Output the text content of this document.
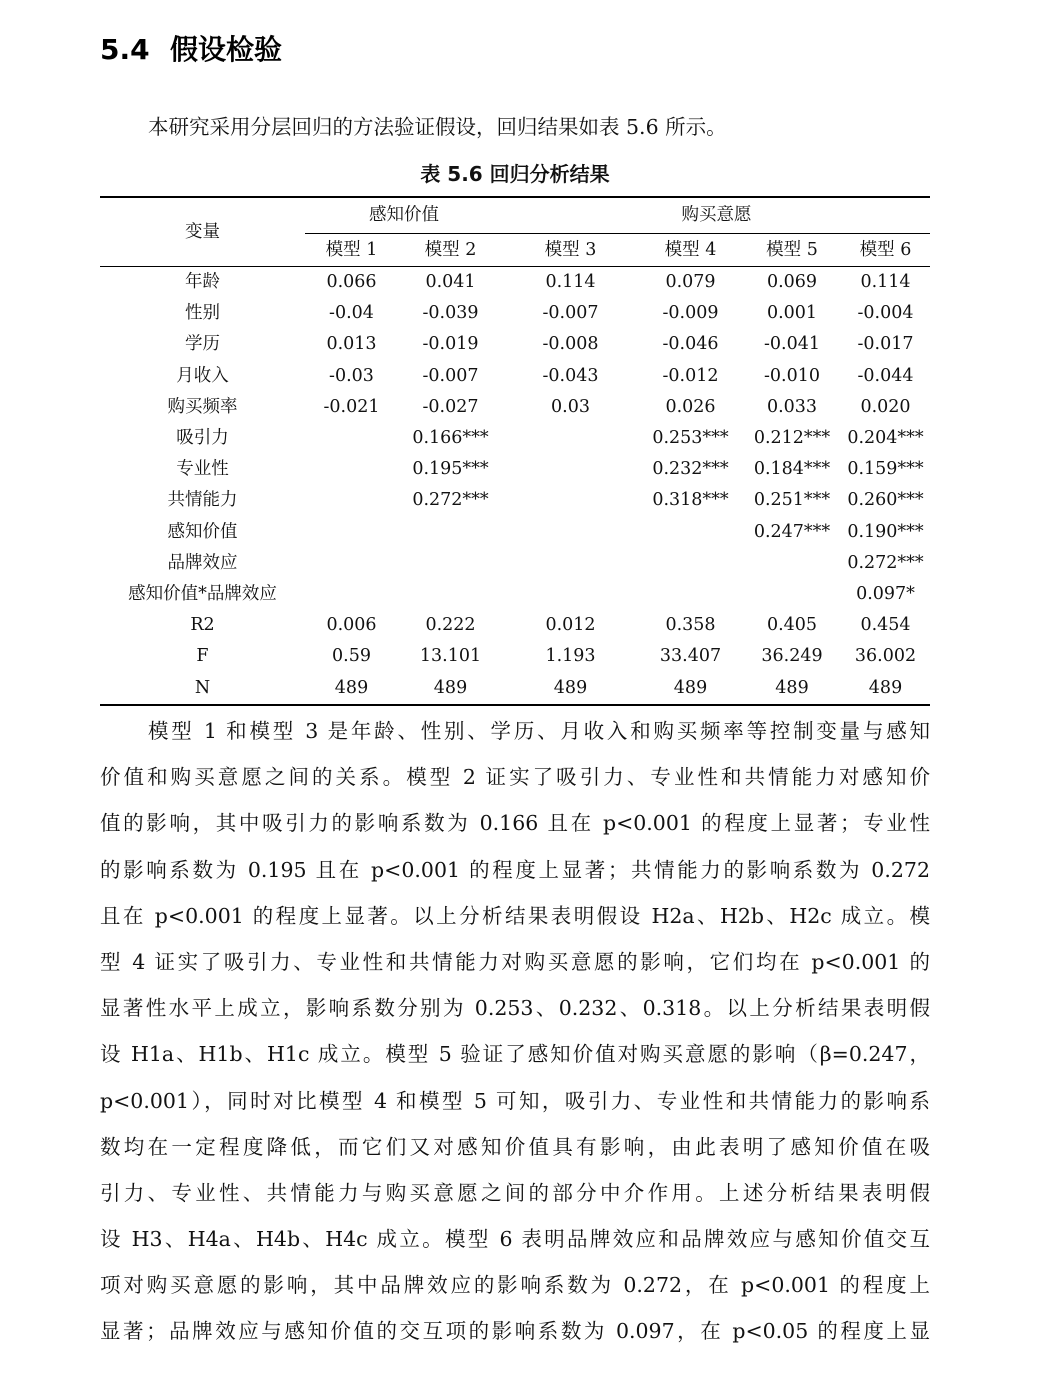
5.4 假设检验
本研究采用分层回归的方法验证假设，回归结果如表 5.6 所示。
表 5.6 回归分析结果
变量	感知价值		购买意愿			
	模型 1	模型 2	模型 3	模型 4	模型 5	模型 6
年龄	0.066	0.041	0.114	0.079	0.069	0.114
性别	-0.04	-0.039	-0.007	-0.009	0.001	-0.004
学历	0.013	-0.019	-0.008	-0.046	-0.041	-0.017
月收入	-0.03	-0.007	-0.043	-0.012	-0.010	-0.044
购买频率	-0.021	-0.027	0.03	0.026	0.033	0.020
吸引力		0.166***		0.253***	0.212***	0.204***
专业性		0.195***		0.232***	0.184***	0.159***
共情能力		0.272***		0.318***	0.251***	0.260***
感知价值					0.247***	0.190***
品牌效应						0.272***
感知价值*品牌效应						0.097*
R2	0.006	0.222	0.012	0.358	0.405	0.454
F	0.59	13.101	1.193	33.407	36.249	36.002
N	489	489	489	489	489	489
模型 1 和模型 3 是年龄、性别、学历、月收入和购买频率等控制变量与感知
价值和购买意愿之间的关系。模型 2 证实了吸引力、专业性和共情能力对感知价
值的影响，其中吸引力的影响系数为 0.166 且在 p<0.001 的程度上显著；专业性
的影响系数为 0.195 且在 p<0.001 的程度上显著；共情能力的影响系数为 0.272
且在 p<0.001 的程度上显著。以上分析结果表明假设 H2a、H2b、H2c 成立。模
型 4 证实了吸引力、专业性和共情能力对购买意愿的影响，它们均在 p<0.001 的
显著性水平上成立，影响系数分别为 0.253、0.232、0.318。以上分析结果表明假
设 H1a、H1b、H1c 成立。模型 5 验证了感知价值对购买意愿的影响（β=0.247，
p<0.001），同时对比模型 4 和模型 5 可知，吸引力、专业性和共情能力的影响系
数均在一定程度降低，而它们又对感知价值具有影响，由此表明了感知价值在吸
引力、专业性、共情能力与购买意愿之间的部分中介作用。上述分析结果表明假
设 H3、H4a、H4b、H4c 成立。模型 6 表明品牌效应和品牌效应与感知价值交互
项对购买意愿的影响，其中品牌效应的影响系数为 0.272，在 p<0.001 的程度上
显著；品牌效应与感知价值的交互项的影响系数为 0.097，在 p<0.05 的程度上显
